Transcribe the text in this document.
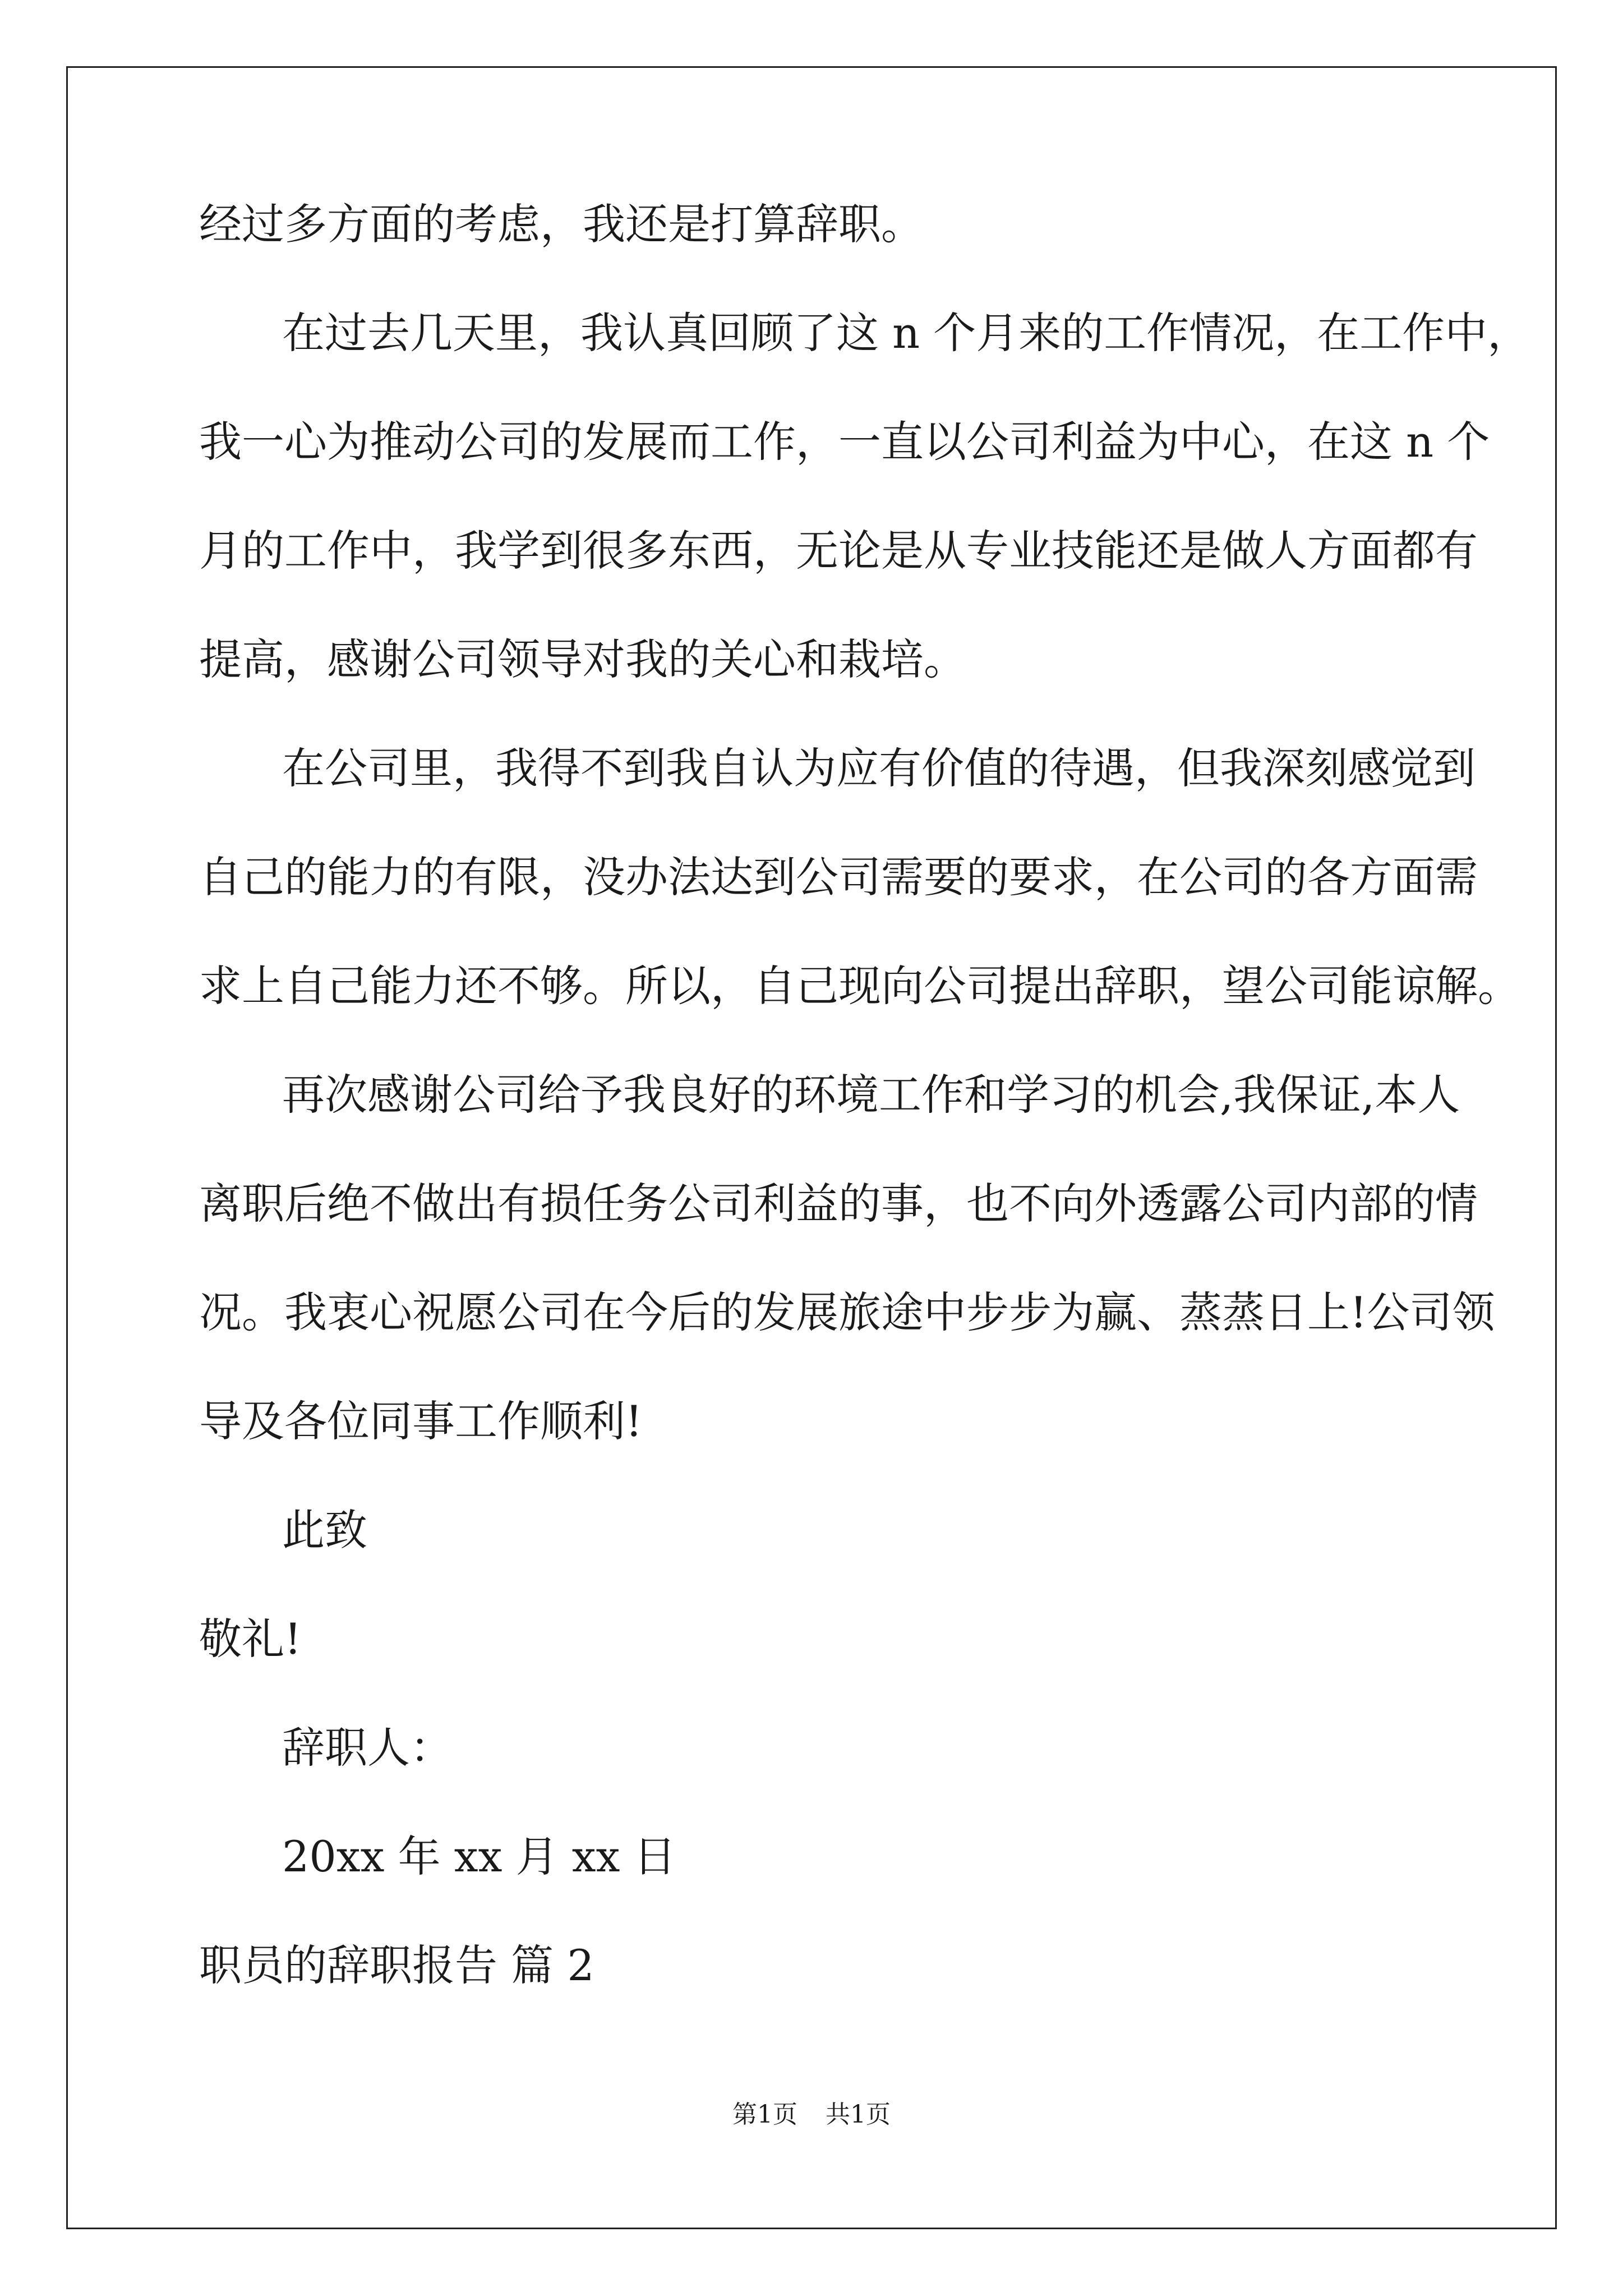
经过多方面的考虑，我还是打算辞职。
在过去几天里，我认真回顾了这 n 个月来的工作情况，在工作中，
我一心为推动公司的发展而工作，一直以公司利益为中心，在这 n 个
月的工作中，我学到很多东西，无论是从专业技能还是做人方面都有
提高，感谢公司领导对我的关心和栽培。
在公司里，我得不到我自认为应有价值的待遇，但我深刻感觉到
自己的能力的有限，没办法达到公司需要的要求，在公司的各方面需
求上自己能力还不够。所以，自己现向公司提出辞职，望公司能谅解。
再次感谢公司给予我良好的环境工作和学习的机会,我保证,本人
离职后绝不做出有损任务公司利益的事，也不向外透露公司内部的情
况。我衷心祝愿公司在今后的发展旅途中步步为赢、蒸蒸日上!公司领
导及各位同事工作顺利!
此致
敬礼!
辞职人：
20xx 年 xx 月 xx 日
职员的辞职报告 篇 2
第1页 共1页
